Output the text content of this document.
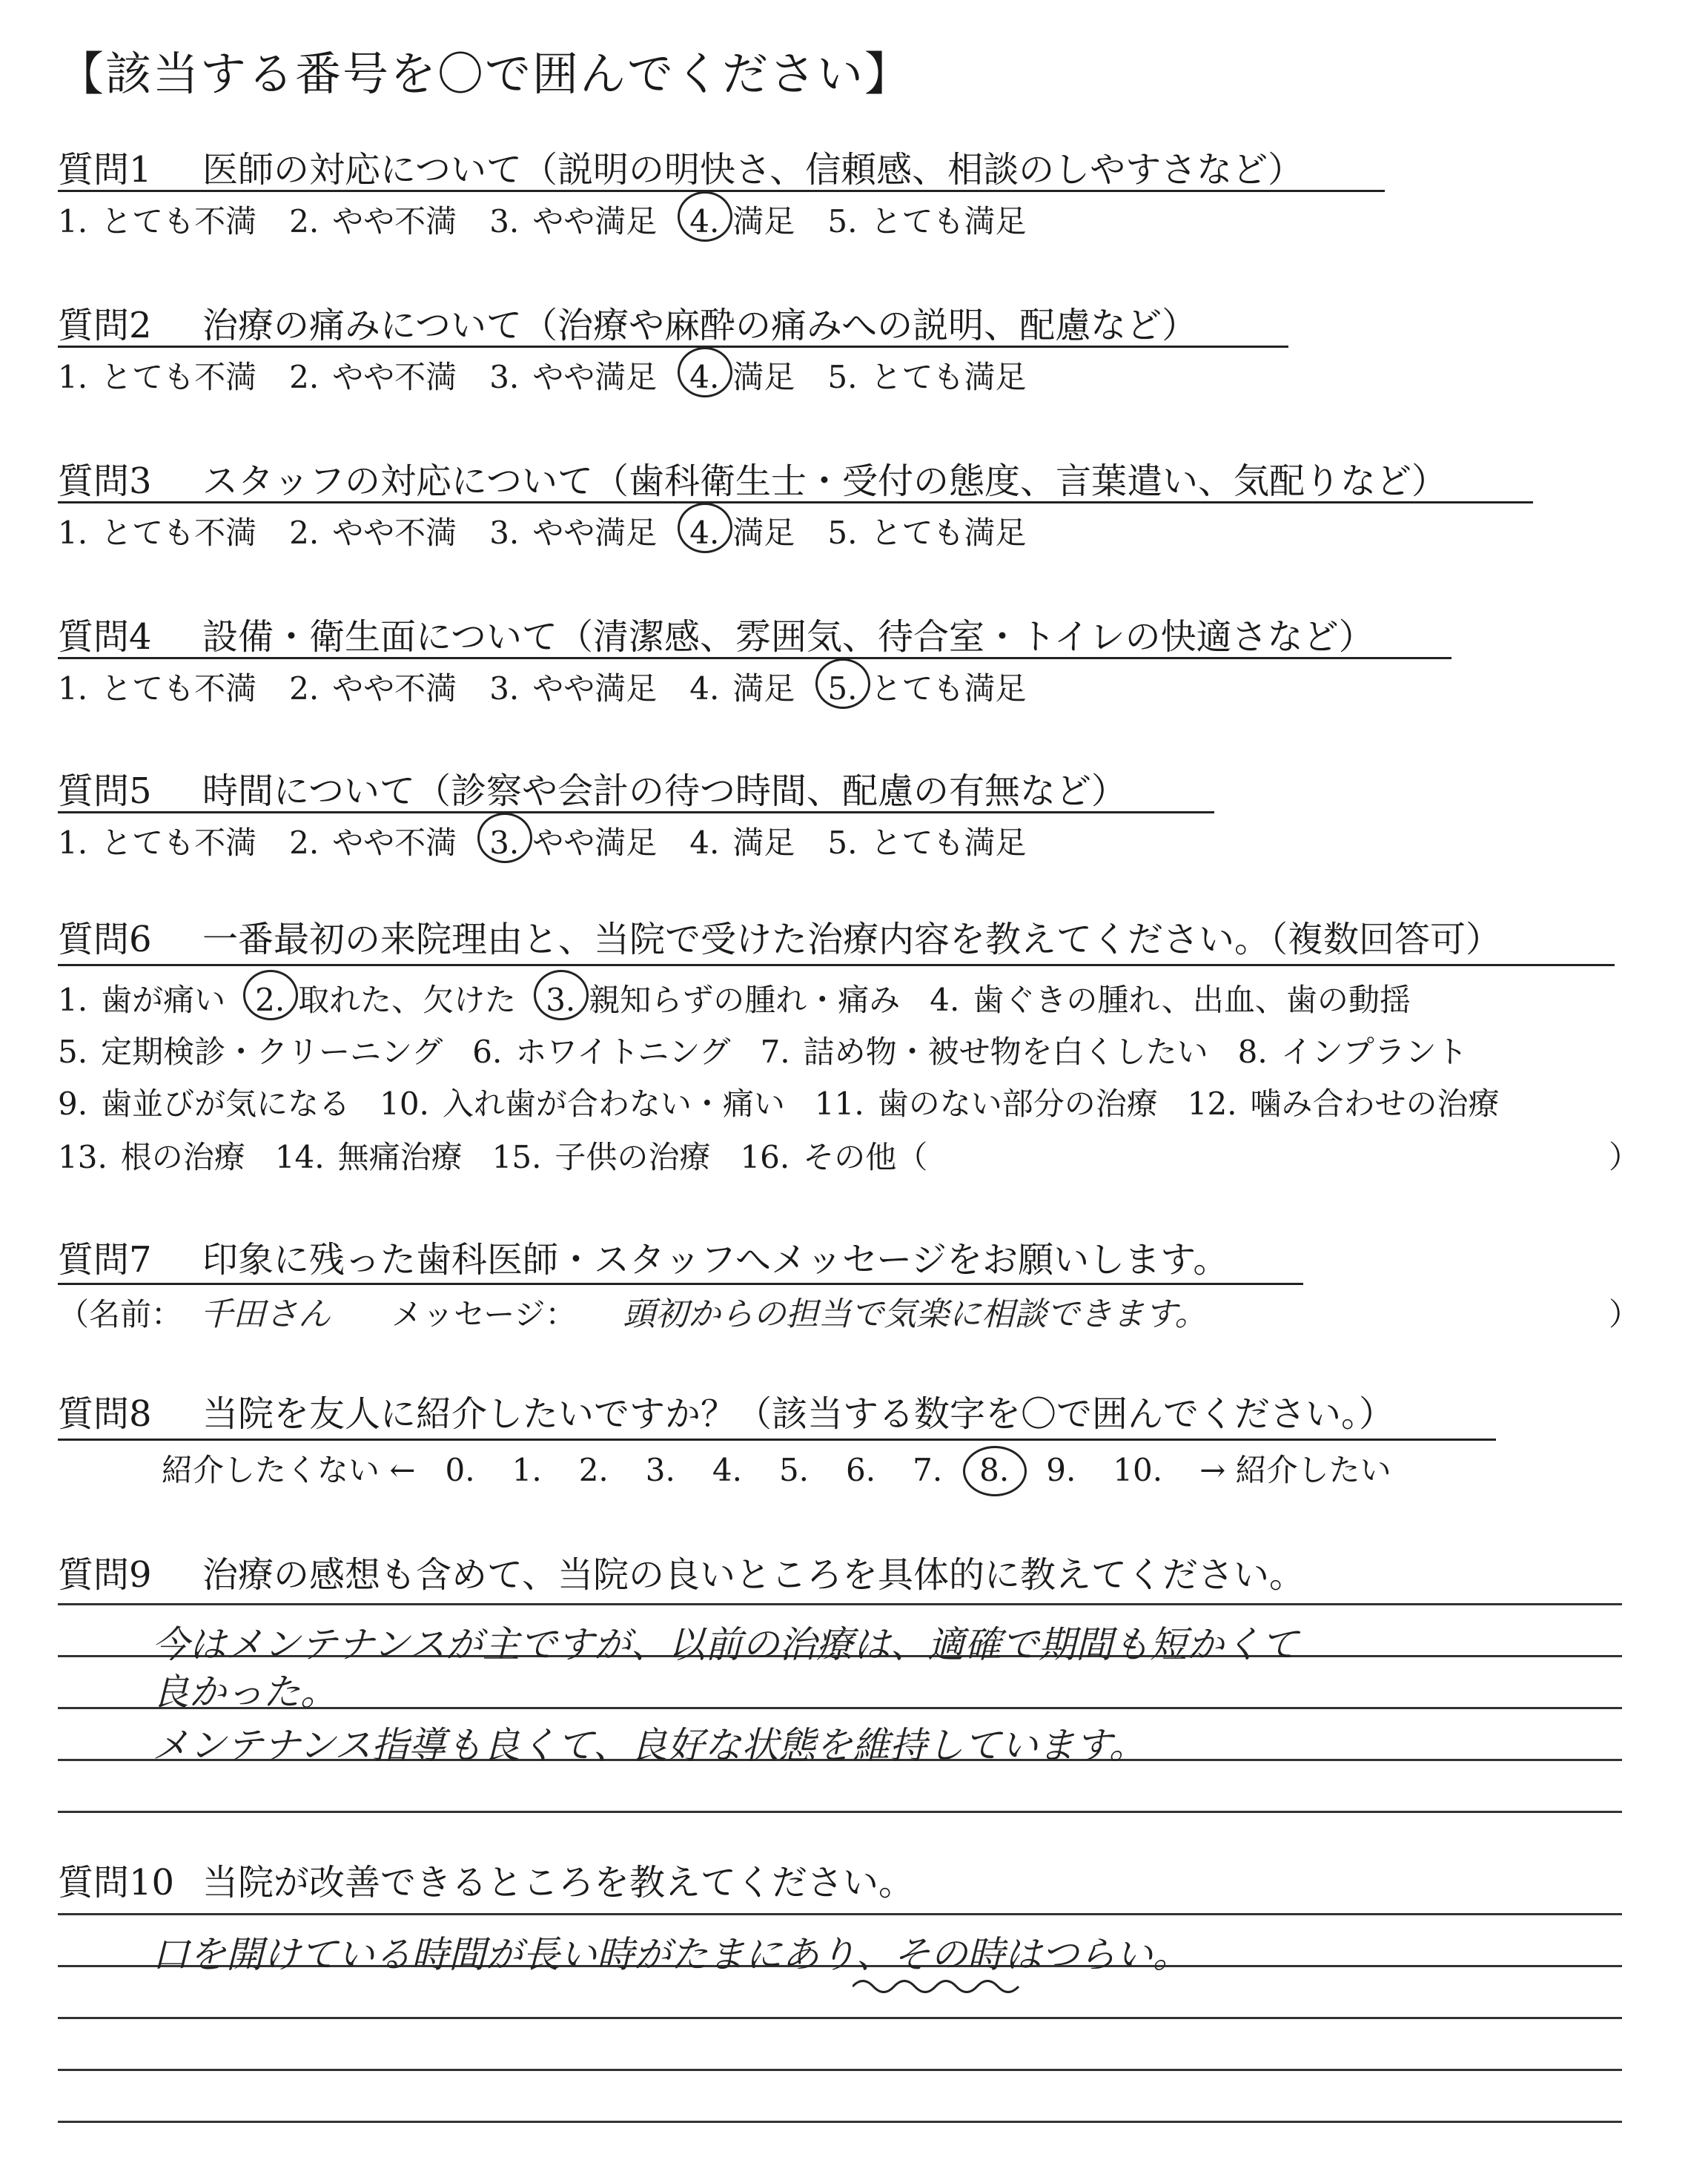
【該当する番号を〇で囲んでください】
質問1 医師の対応について（説明の明快さ、信頼感、相談のしやすさなど）
1. とても不満 2. やや不満 3. やや満足 4. 満足 5. とても満足
質問2 治療の痛みについて（治療や麻酔の痛みへの説明、配慮など）
1. とても不満 2. やや不満 3. やや満足 4. 満足 5. とても満足
質問3 スタッフの対応について（歯科衛生士・受付の態度、言葉遣い、気配りなど）
1. とても不満 2. やや不満 3. やや満足 4. 満足 5. とても満足
質問4 設備・衛生面について（清潔感、雰囲気、待合室・トイレの快適さなど）
1. とても不満 2. やや不満 3. やや満足 4. 満足 5. とても満足
質問5 時間について（診察や会計の待つ時間、配慮の有無など）
1. とても不満 2. やや不満 3. やや満足 4. 満足 5. とても満足
質問6 一番最初の来院理由と、当院で受けた治療内容を教えてください。（複数回答可）
1. 歯が痛い 2. 取れた、欠けた 3. 親知らずの腫れ・痛み 4. 歯ぐきの腫れ、出血、歯の動揺
5. 定期検診・クリーニング 6. ホワイトニング 7. 詰め物・被せ物を白くしたい 8. インプラント
9. 歯並びが気になる 10. 入れ歯が合わない・痛い 11. 歯のない部分の治療 12. 噛み合わせの治療
13. 根の治療 14. 無痛治療 15. 子供の治療 16. その他（	）
質問7 印象に残った歯科医師・スタッフへメッセージをお願いします。
（名前： 千田さん メッセージ： 頭初からの担当で気楽に相談できます。	）
質問8 当院を友人に紹介したいですか？（該当する数字を〇で囲んでください。）
紹介したくない ← 0. 1. 2. 3. 4. 5. 6. 7. 8. 9. 10. → 紹介したい
質問9 治療の感想も含めて、当院の良いところを具体的に教えてください。
今はメンテナンスが主ですが、以前の治療は、適確で期間も短かくて
良かった。
メンテナンス指導も良くて、良好な状態を維持しています。
質問10 当院が改善できるところを教えてください。
口を開けている時間が長い時がたまにあり、その時はつらい。
